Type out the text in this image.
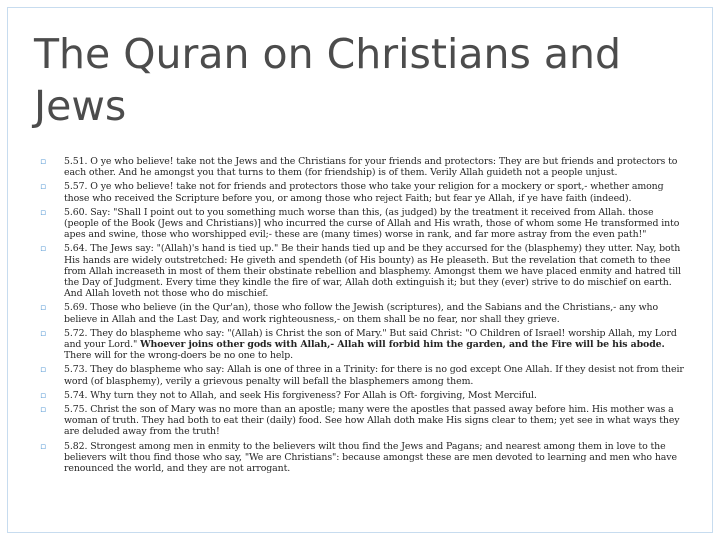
The Quran on Christians and Jews
▫ 5.51. O ye who believe! take not the Jews and the Christians for your friends and protectors: They are but friends and protectors to each other. And he amongst you that turns to them (for friendship) is of them. Verily Allah guideth not a people unjust.
▫ 5.57. O ye who believe! take not for friends and protectors those who take your religion for a mockery or sport,- whether among those who received the Scripture before you, or among those who reject Faith; but fear ye Allah, if ye have faith (indeed).
▫ 5.60. Say: "Shall I point out to you something much worse than this, (as judged) by the treatment it received from Allah. those (people of the Book (Jews and Christians)] who incurred the curse of Allah and His wrath, those of whom some He transformed into apes and swine, those who worshipped evil;- these are (many times) worse in rank, and far more astray from the even path!"
▫ 5.64. The Jews say: "(Allah)'s hand is tied up." Be their hands tied up and be they accursed for the (blasphemy) they utter. Nay, both His hands are widely outstretched: He giveth and spendeth (of His bounty) as He pleaseth. But the revelation that cometh to thee from Allah increaseth in most of them their obstinate rebellion and blasphemy. Amongst them we have placed enmity and hatred till the Day of Judgment. Every time they kindle the fire of war, Allah doth extinguish it; but they (ever) strive to do mischief on earth. And Allah loveth not those who do mischief.
▫ 5.69. Those who believe (in the Qur'an), those who follow the Jewish (scriptures), and the Sabians and the Christians,- any who believe in Allah and the Last Day, and work righteousness,- on them shall be no fear, nor shall they grieve.
▫ 5.72. They do blaspheme who say: "(Allah) is Christ the son of Mary." But said Christ: "O Children of Israel! worship Allah, my Lord and your Lord." Whoever joins other gods with Allah,- Allah will forbid him the garden, and the Fire will be his abode. There will for the wrong-doers be no one to help.
▫ 5.73. They do blaspheme who say: Allah is one of three in a Trinity: for there is no god except One Allah. If they desist not from their word (of blasphemy), verily a grievous penalty will befall the blasphemers among them.
▫ 5.74. Why turn they not to Allah, and seek His forgiveness? For Allah is Oft- forgiving, Most Merciful.
▫ 5.75. Christ the son of Mary was no more than an apostle; many were the apostles that passed away before him. His mother was a woman of truth. They had both to eat their (daily) food. See how Allah doth make His signs clear to them; yet see in what ways they are deluded away from the truth!
▫ 5.82. Strongest among men in enmity to the believers wilt thou find the Jews and Pagans; and nearest among them in love to the believers wilt thou find those who say, "We are Christians": because amongst these are men devoted to learning and men who have renounced the world, and they are not arrogant.
